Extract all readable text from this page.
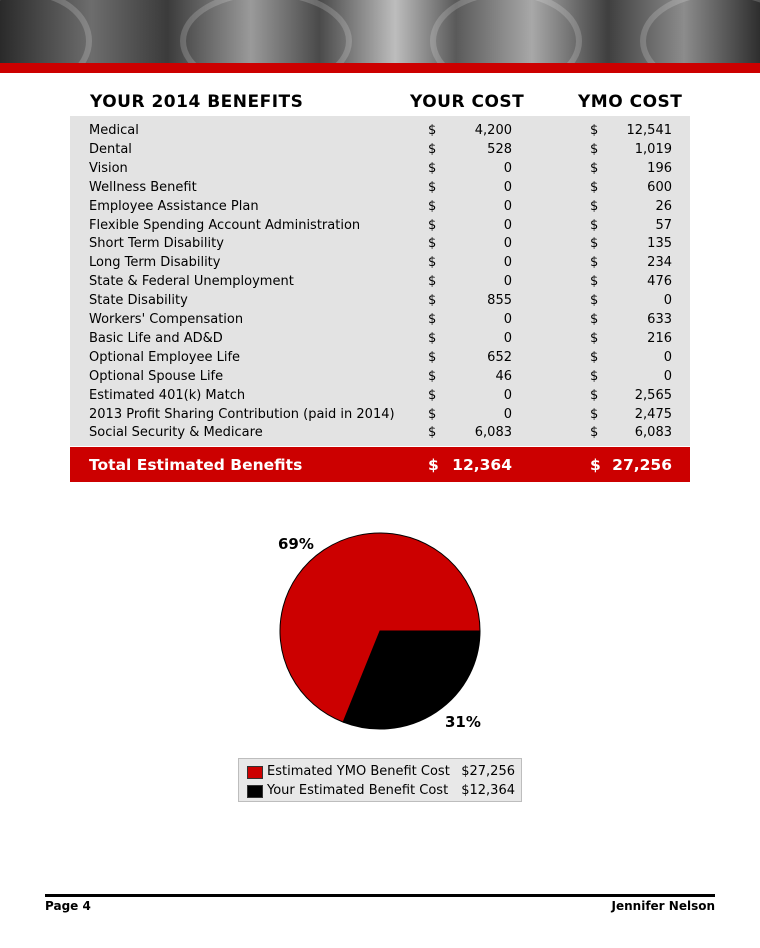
YOUR 2014 BENEFITS	YOUR COST	YMO COST
Medical	$	4,200	$ 12,541
Dental	$	528	$	1,019
Vision	$	0	$	196
Wellness Benefit	$	0	$	600
Employee Assistance Plan	$	0	$	26
Flexible Spending Account Administration	$	0	$	57
Short Term Disability	$	0	$	135
Long Term Disability	$	0	$	234
State & Federal Unemployment	$	0	$	476
State Disability	$	855	$	0
Workers' Compensation	$	0	$	633
Basic Life and AD&D	$	0	$	216
Optional Employee Life	$	652	$	0
Optional Spouse Life	$	46	$	0
Estimated 401(k) Match	$	0	$	2,565
2013 Profit Sharing Contribution (paid in 2014)	$	0	$	2,475
Social Security & Medicare	$	6,083	$	6,083
Total Estimated Benefits	$ 12,364	$ 27,256
69%
31%
Estimated YMO Benefit Cost $27,256
Your Estimated Benefit Cost $12,364
Page 4	Jennifer Nelson
